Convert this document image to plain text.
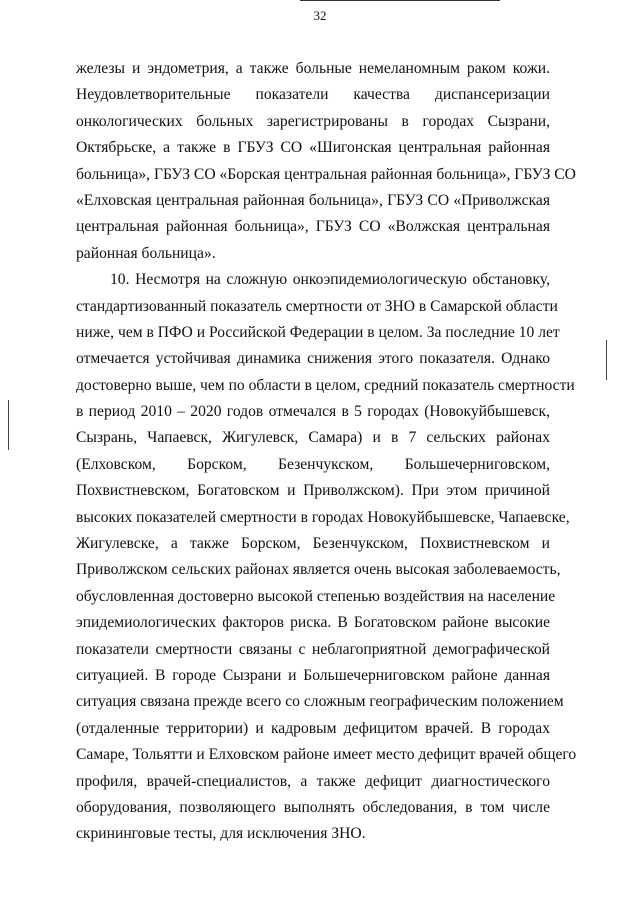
32
железы и эндометрия, а также больные немеланомным раком кожи.
Неудовлетворительные показатели качества диспансеризации
онкологических больных зарегистрированы в городах Сызрани,
Октябрьске, а также в ГБУЗ СО «Шигонская центральная районная
больница», ГБУЗ СО «Борская центральная районная больница», ГБУЗ СО
«Елховская центральная районная больница», ГБУЗ СО «Приволжская
центральная районная больница», ГБУЗ СО «Волжская центральная
районная больница».
10. Несмотря на сложную онкоэпидемиологическую обстановку,
стандартизованный показатель смертности от ЗНО в Самарской области
ниже, чем в ПФО и Российской Федерации в целом. За последние 10 лет
отмечается устойчивая динамика снижения этого показателя. Однако
достоверно выше, чем по области в целом, средний показатель смертности
в период 2010 – 2020 годов отмечался в 5 городах (Новокуйбышевск,
Сызрань, Чапаевск, Жигулевск, Самара) и в 7 сельских районах
(Елховском, Борском, Безенчукском, Большечерниговском,
Похвистневском, Богатовском и Приволжском). При этом причиной
высоких показателей смертности в городах Новокуйбышевске, Чапаевске,
Жигулевске, а также Борском, Безенчукском, Похвистневском и
Приволжском сельских районах является очень высокая заболеваемость,
обусловленная достоверно высокой степенью воздействия на население
эпидемиологических факторов риска. В Богатовском районе высокие
показатели смертности связаны с неблагоприятной демографической
ситуацией. В городе Сызрани и Большечерниговском районе данная
ситуация связана прежде всего со сложным географическим положением
(отдаленные территории) и кадровым дефицитом врачей. В городах
Самаре, Тольятти и Елховском районе имеет место дефицит врачей общего
профиля, врачей-специалистов, а также дефицит диагностического
оборудования, позволяющего выполнять обследования, в том числе
скрининговые тесты, для исключения ЗНО.
